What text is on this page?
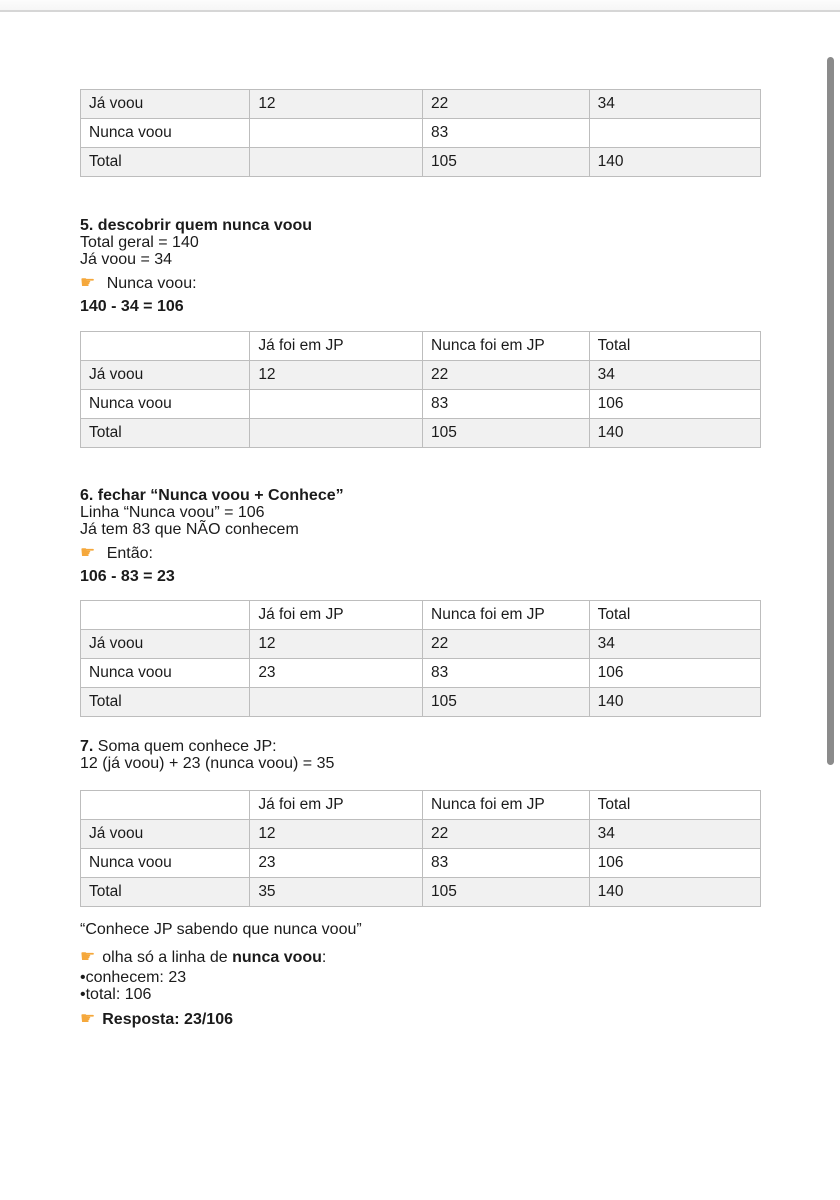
Já voou	12	22	34
Nunca voou		83	
Total		105	140

5. descobrir quem nunca voou

Total geral = 140

Já voou = 34

☛ Nunca voou:

140 - 34 = 106

	Já foi em JP	Nunca foi em JP	Total
Já voou	12	22	34
Nunca voou		83	106
Total		105	140

6. fechar “Nunca voou + Conhece”

Linha “Nunca voou” = 106

Já tem 83 que NÃO conhecem

☛ Então:

106 - 83 = 23

	Já foi em JP	Nunca foi em JP	Total
Já voou	12	22	34
Nunca voou	23	83	106
Total		105	140

7. Soma quem conhece JP:

12 (já voou) + 23 (nunca voou) = 35

	Já foi em JP	Nunca foi em JP	Total
Já voou	12	22	34
Nunca voou	23	83	106
Total	35	105	140

“Conhece JP sabendo que nunca voou”

☛ olha só a linha de nunca voou:

•conhecem: 23

•total: 106

☛ Resposta: 23/106
